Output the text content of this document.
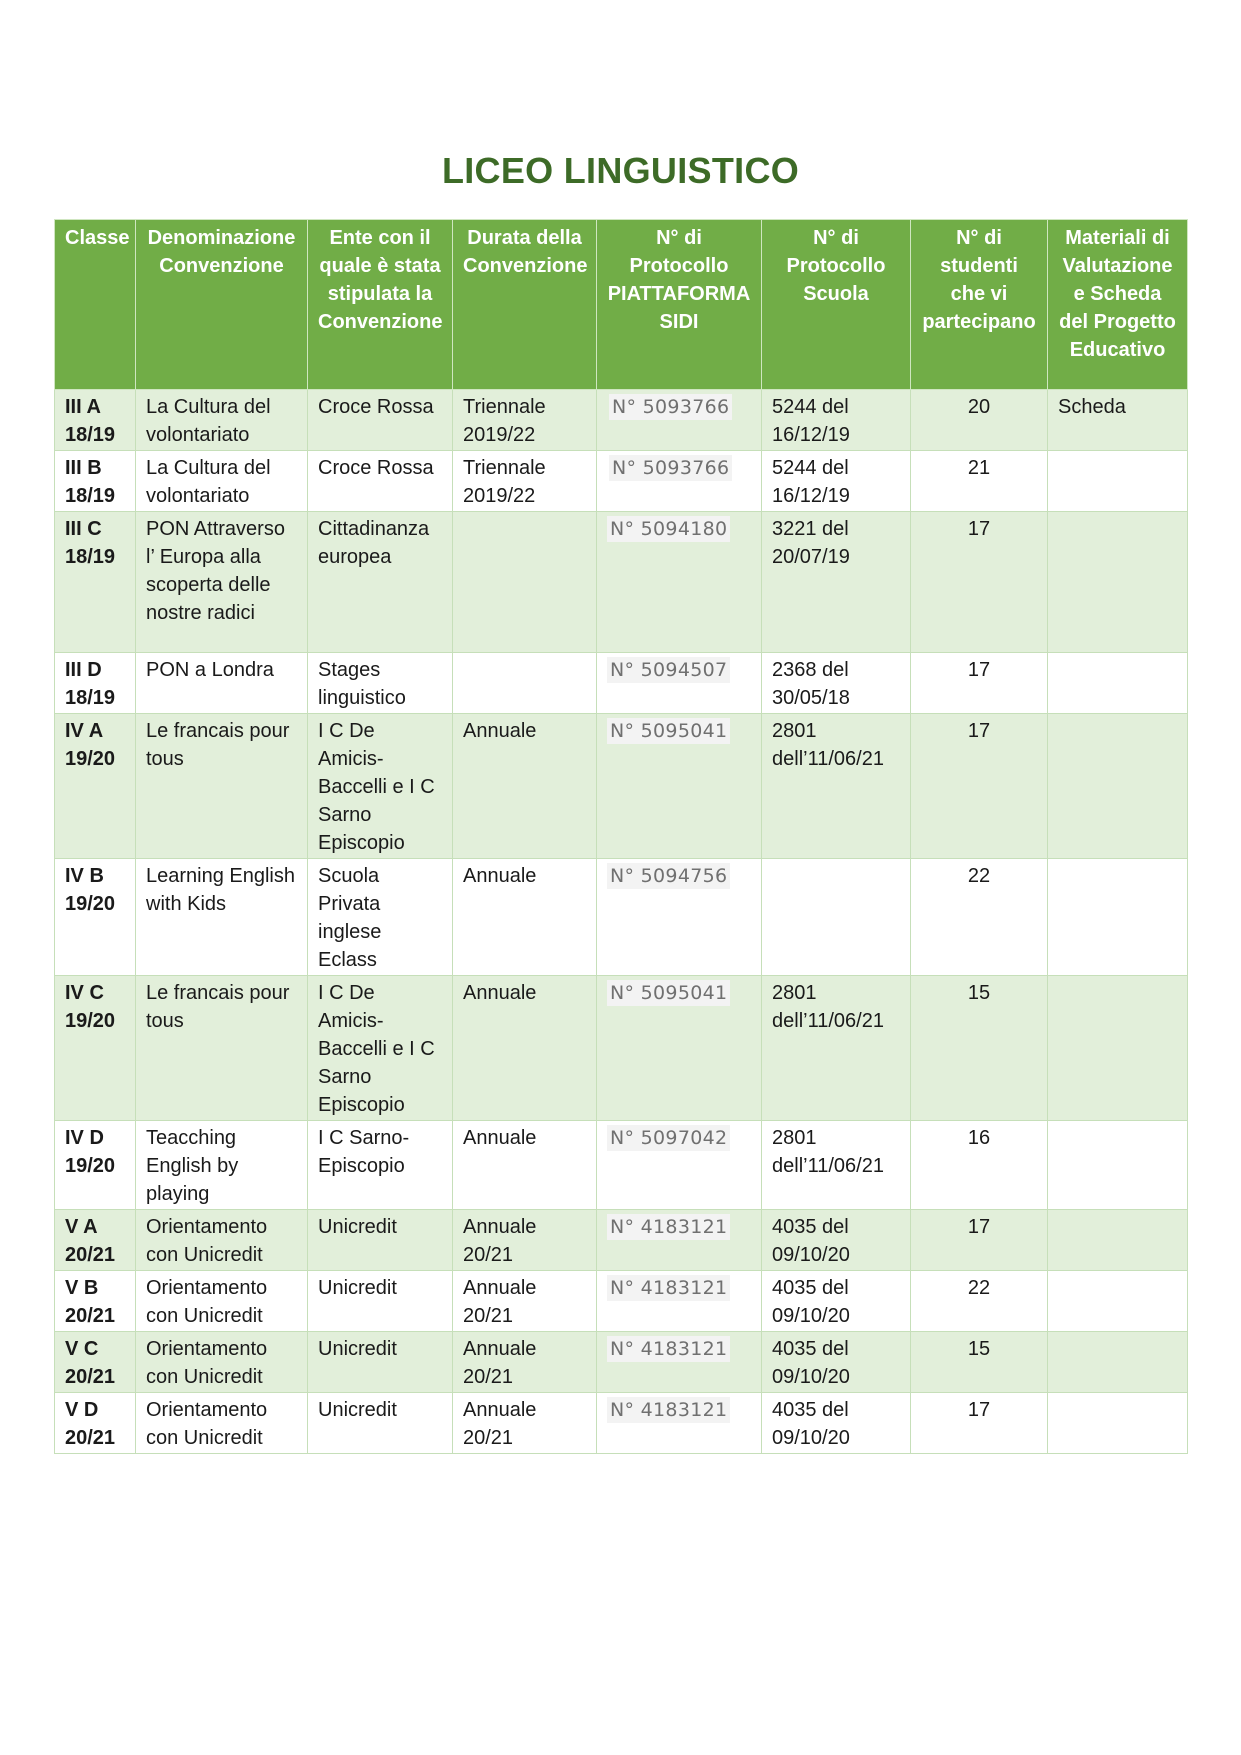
LICEO LINGUISTICO
Classe	Denominazione Convenzione	Ente con il quale è stata stipulata la Convenzione	Durata della Convenzione	N° di Protocollo PIATTAFORMA SIDI	N° di Protocollo Scuola	N° di studenti che vi partecipano	Materiali di Valutazione e Scheda del Progetto Educativo
III A 18/19	La Cultura del volontariato	Croce Rossa	Triennale 2019/22	N° 5093766	5244 del 16/12/19	20	Scheda
III B 18/19	La Cultura del volontariato	Croce Rossa	Triennale 2019/22	N° 5093766	5244 del 16/12/19	21	
III C 18/19	PON Attraverso l’ Europa alla scoperta delle nostre radici	Cittadinanza europea		N° 5094180	3221 del 20/07/19	17	
III D 18/19	PON a Londra	Stages linguistico		N° 5094507	2368 del 30/05/18	17	
IV A 19/20	Le francais pour tous	I C De Amicis-Baccelli e I C Sarno Episcopio	Annuale	N° 5095041	2801 dell’11/06/21	17	
IV B 19/20	Learning English with Kids	Scuola Privata inglese Eclass	Annuale	N° 5094756		22	
IV C 19/20	Le francais pour tous	I C De Amicis-Baccelli e I C Sarno Episcopio	Annuale	N° 5095041	2801 dell’11/06/21	15	
IV D 19/20	Teacching English by playing	I C Sarno-Episcopio	Annuale	N° 5097042	2801 dell’11/06/21	16	
V A 20/21	Orientamento con Unicredit	Unicredit	Annuale 20/21	N° 4183121	4035 del 09/10/20	17	
V B 20/21	Orientamento con Unicredit	Unicredit	Annuale 20/21	N° 4183121	4035 del 09/10/20	22	
V C 20/21	Orientamento con Unicredit	Unicredit	Annuale 20/21	N° 4183121	4035 del 09/10/20	15	
V D 20/21	Orientamento con Unicredit	Unicredit	Annuale 20/21	N° 4183121	4035 del 09/10/20	17	
